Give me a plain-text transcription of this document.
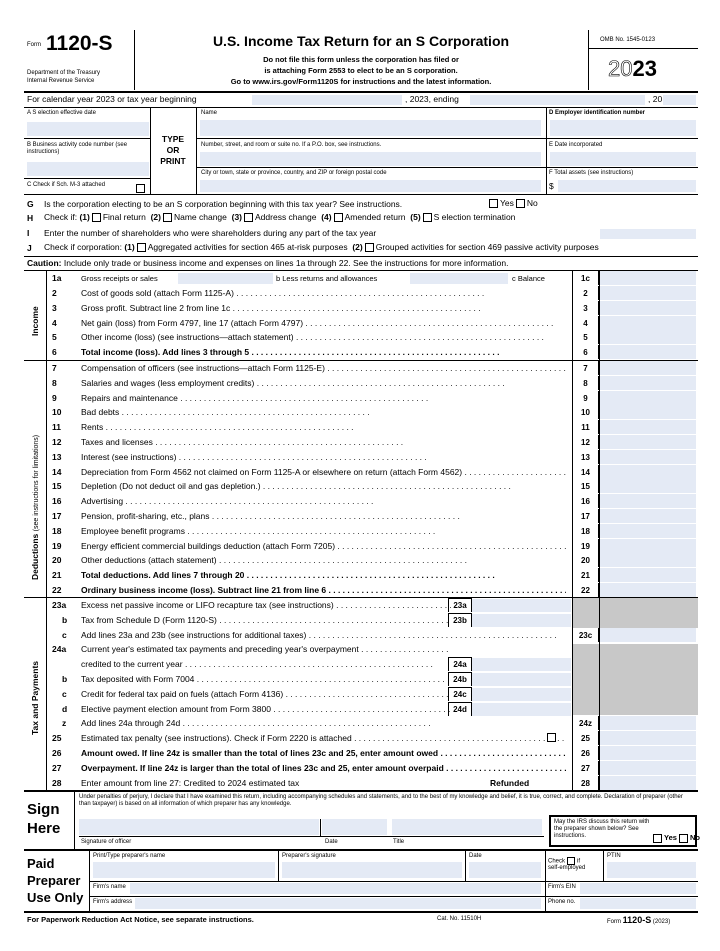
Form 1120-S
Department of the Treasury
Internal Revenue Service
U.S. Income Tax Return for an S Corporation
Do not file this form unless the corporation has filed or
is attaching Form 2553 to elect to be an S corporation.
Go to www.irs.gov/Form1120S for instructions and the latest information.
OMB No. 1545-0123
2023
For calendar year 2023 or tax year beginning	, 2023, ending	, 20
A S election effective date
B Business activity code number (see instructions)
C Check if Sch. M-3 attached
TYPE
OR
PRINT
Name
Number, street, and room or suite no. If a P.O. box, see instructions.
City or town, state or province, country, and ZIP or foreign postal code
D Employer identification number
E Date incorporated
F Total assets (see instructions)
$
G Is the corporation electing to be an S corporation beginning with this tax year? See instructions.	Yes No
H Check if: (1) Final return (2) Name change (3) Address change (4) Amended return (5) S election termination
I Enter the number of shareholders who were shareholders during any part of the tax year
J Check if corporation: (1) Aggregated activities for section 465 at-risk purposes (2) Grouped activities for section 469 passive activity purposes
Caution: Include only trade or business income and expenses on lines 1a through 22. See the instructions for more information.
Income
1a	Gross receipts or sales	b Less returns and allowances	c Balance	1c
2	Cost of goods sold (attach Form 1125-A) . . .	2
3	Gross profit. Subtract line 2 from line 1c . . .	3
4	Net gain (loss) from Form 4797, line 17 (attach Form 4797) . . .	4
5	Other income (loss) (see instructions—attach statement) . . .	5
6	Total income (loss). Add lines 3 through 5 . . .	6
Deductions (see instructions for limitations)
7	Compensation of officers (see instructions—attach Form 1125-E) . . .	7
8	Salaries and wages (less employment credits) . . .	8
9	Repairs and maintenance . . .	9
10	Bad debts . . .	10
11	Rents . . .	11
12	Taxes and licenses . . .	12
13	Interest (see instructions) . . .	13
14	Depreciation from Form 4562 not claimed on Form 1125-A or elsewhere on return (attach Form 4562) . . .	14
15	Depletion (Do not deduct oil and gas depletion.) . . .	15
16	Advertising . . .	16
17	Pension, profit-sharing, etc., plans . . .	17
18	Employee benefit programs . . .	18
19	Energy efficient commercial buildings deduction (attach Form 7205) . . .	19
20	Other deductions (attach statement) . . .	20
21	Total deductions. Add lines 7 through 20 . . .	21
22	Ordinary business income (loss). Subtract line 21 from line 6 . . .	22
Tax and Payments
23a Excess net passive income or LIFO recapture tax (see instructions) . . .	23a
b	Tax from Schedule D (Form 1120-S) . . .	23b
c	Add lines 23a and 23b (see instructions for additional taxes) . . .	23c
24a Current year's estimated tax payments and preceding year's overpayment . . .
credited to the current year . . .	24a
b	Tax deposited with Form 7004 . . .	24b
c	Credit for federal tax paid on fuels (attach Form 4136) . . .	24c
d	Elective payment election amount from Form 3800 . . .	24d
z	Add lines 24a through 24d . . .	24z
25	Estimated tax penalty (see instructions). Check if Form 2220 is attached . . .	25
26	Amount owed. If line 24z is smaller than the total of lines 23c and 25, enter amount owed . . .	26
27	Overpayment. If line 24z is larger than the total of lines 23c and 25, enter amount overpaid . . .	27
28	Enter amount from line 27: Credited to 2024 estimated tax	Refunded	28
Sign
Here
Under penalties of perjury, I declare that I have examined this return, including accompanying schedules and statements, and to the best of my knowledge and belief, it is true, correct, and complete. Declaration of preparer (other than taxpayer) is based on all information of which preparer has any knowledge.
Signature of officer	Date	Title
May the IRS discuss this return with the preparer shown below? See instructions.	Yes No
Paid
Preparer
Use Only
Print/Type preparer's name	Preparer's signature	Date
Check if
self-employed
PTIN
Firm's name	Firm's EIN
Firm's address	Phone no.
For Paperwork Reduction Act Notice, see separate instructions.	Cat. No. 11510H	Form 1120-S (2023)
